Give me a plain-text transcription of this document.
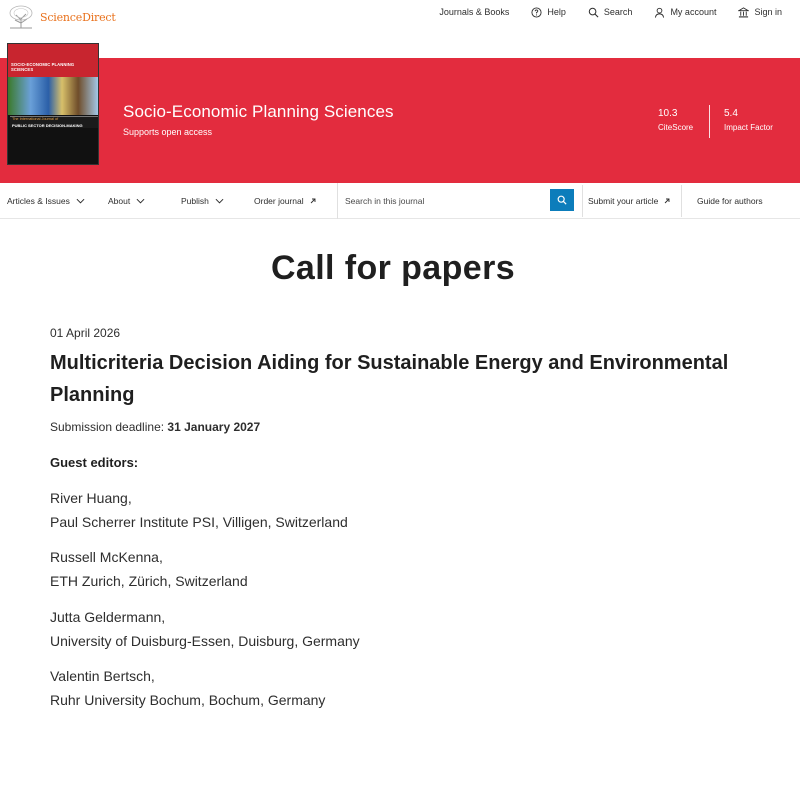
ScienceDirect	Journals & Books	Help	Search	My account	Sign in
SOCIO-ECONOMIC PLANNING SCIENCES
The International Journal of
PUBLIC SECTOR DECISION-MAKING
Socio-Economic Planning Sciences
Supports open access
10.3
CiteScore
5.4
Impact Factor
Articles & Issues	About	Publish	Order journal
Search in this journal	Submit your article	Guide for authors
Call for papers
01 April 2026
Multicriteria Decision Aiding for Sustainable Energy and Environmental Planning
Submission deadline: 31 January 2027
Guest editors:
River Huang,
Paul Scherrer Institute PSI, Villigen, Switzerland
Russell McKenna,
ETH Zurich, Zürich, Switzerland
Jutta Geldermann,
University of Duisburg-Essen, Duisburg, Germany
Valentin Bertsch,
Ruhr University Bochum, Bochum, Germany
